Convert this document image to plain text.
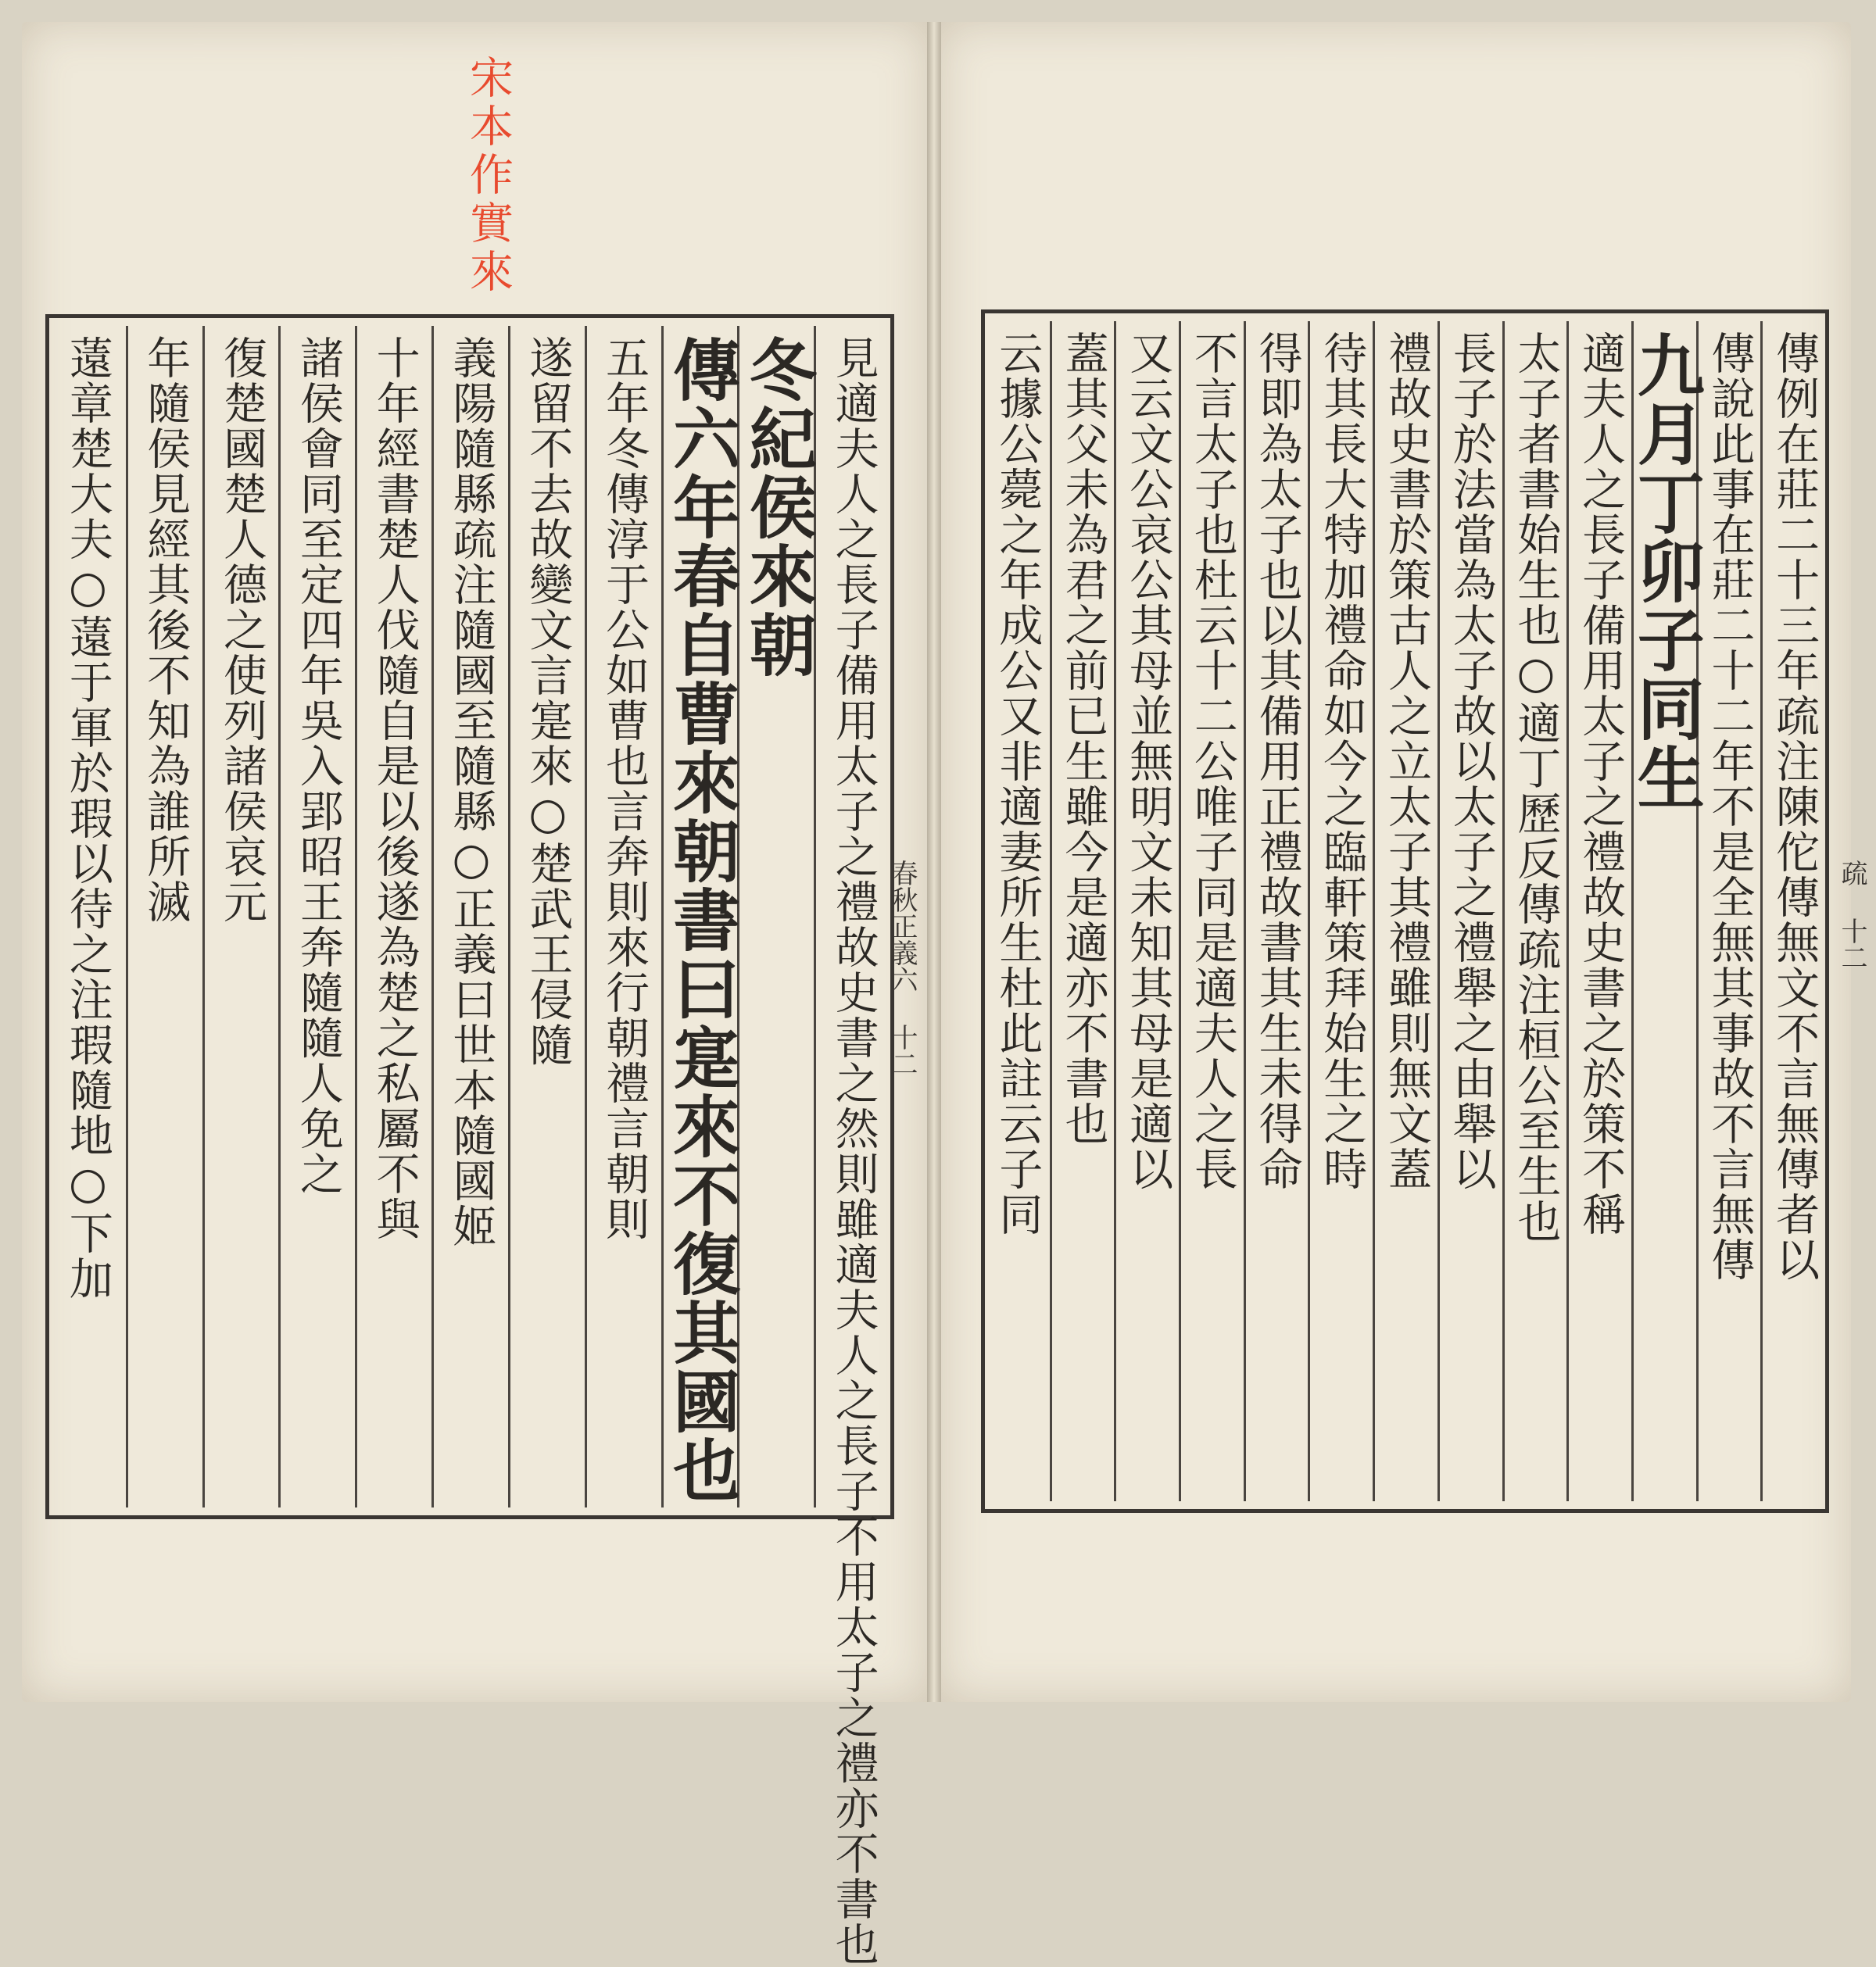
宋本作實來
春秋正義六 十二	疏 十二
見適夫人之長子備用太子之禮故史書之然則雖適夫人之長子不用太子之禮亦不書也
冬紀侯來朝
傳六年春自曹來朝書曰寔來不復其國也
五年冬傳淳于公如曹也言奔則來行朝禮言朝則
遂留不去故變文言寔來○楚武王侵隨
義陽隨縣疏注隨國至隨縣○正義曰世本隨國姬
十年經書楚人伐隨自是以後遂為楚之私屬不與
諸侯會同至定四年吳入郢昭王奔隨隨人免之
復楚國楚人德之使列諸侯哀元
年隨侯見經其後不知為誰所滅
薳章楚大夫○薳于軍於瑕以待之注瑕隨地○下加	傳例在莊二十三年疏注陳佗傳無文不言無傳者以
傳說此事在莊二十二年不是全無其事故不言無傳
九月丁卯子同生
適夫人之長子備用太子之禮故史書之於策不稱
太子者書始生也○適丁歷反傳疏注桓公至生也
長子於法當為太子故以太子之禮舉之由舉以
禮故史書於策古人之立太子其禮雖則無文蓋
待其長大特加禮命如今之臨軒策拜始生之時
得即為太子也以其備用正禮故書其生未得命
不言太子也杜云十二公唯子同是適夫人之長
又云文公哀公其母並無明文未知其母是適以
蓋其父未為君之前已生雖今是適亦不書也
云據公薨之年成公又非適妻所生杜此註云子同
